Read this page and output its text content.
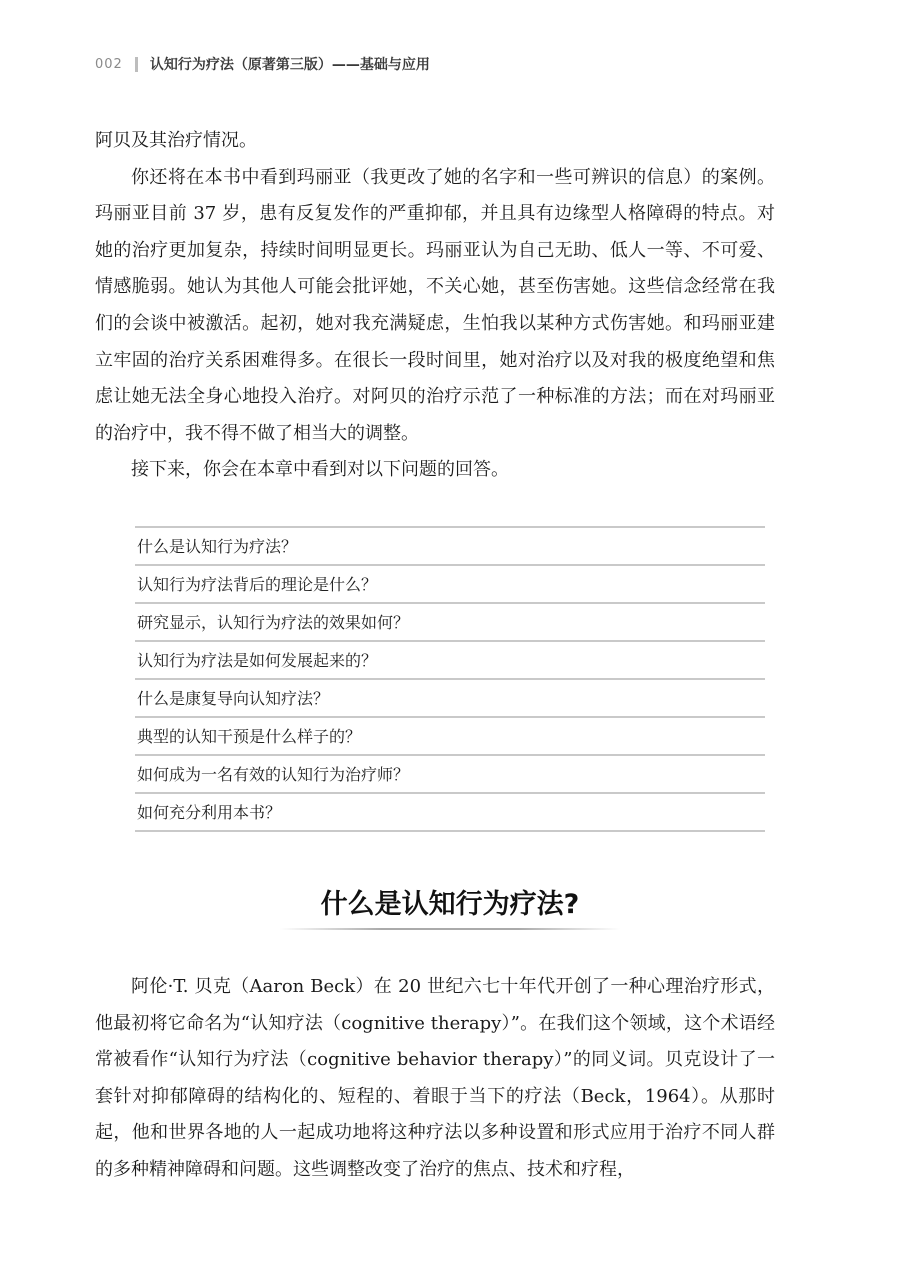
002 认知行为疗法（原著第三版）——基础与应用

阿贝及其治疗情况。

你还将在本书中看到玛丽亚（我更改了她的名字和一些可辨识的信息）的案例。玛丽亚目前 37 岁，患有反复发作的严重抑郁，并且具有边缘型人格障碍的特点。对她的治疗更加复杂，持续时间明显更长。玛丽亚认为自己无助、低人一等、不可爱、情感脆弱。她认为其他人可能会批评她，不关心她，甚至伤害她。这些信念经常在我们的会谈中被激活。起初，她对我充满疑虑，生怕我以某种方式伤害她。和玛丽亚建立牢固的治疗关系困难得多。在很长一段时间里，她对治疗以及对我的极度绝望和焦虑让她无法全身心地投入治疗。对阿贝的治疗示范了一种标准的方法；而在对玛丽亚的治疗中，我不得不做了相当大的调整。

接下来，你会在本章中看到对以下问题的回答。

什么是认知行为疗法？
认知行为疗法背后的理论是什么？
研究显示，认知行为疗法的效果如何？
认知行为疗法是如何发展起来的？
什么是康复导向认知疗法？
典型的认知干预是什么样子的？
如何成为一名有效的认知行为治疗师？
如何充分利用本书？
什么是认知行为疗法?

阿伦·T. 贝克（Aaron Beck）在 20 世纪六七十年代开创了一种心理治疗形式，他最初将它命名为“认知疗法（cognitive therapy）”。在我们这个领域，这个术语经常被看作“认知行为疗法（cognitive behavior therapy）”的同义词。贝克设计了一套针对抑郁障碍的结构化的、短程的、着眼于当下的疗法（Beck，1964）。从那时起，他和世界各地的人一起成功地将这种疗法以多种设置和形式应用于治疗不同人群的多种精神障碍和问题。这些调整改变了治疗的焦点、技术和疗程，
